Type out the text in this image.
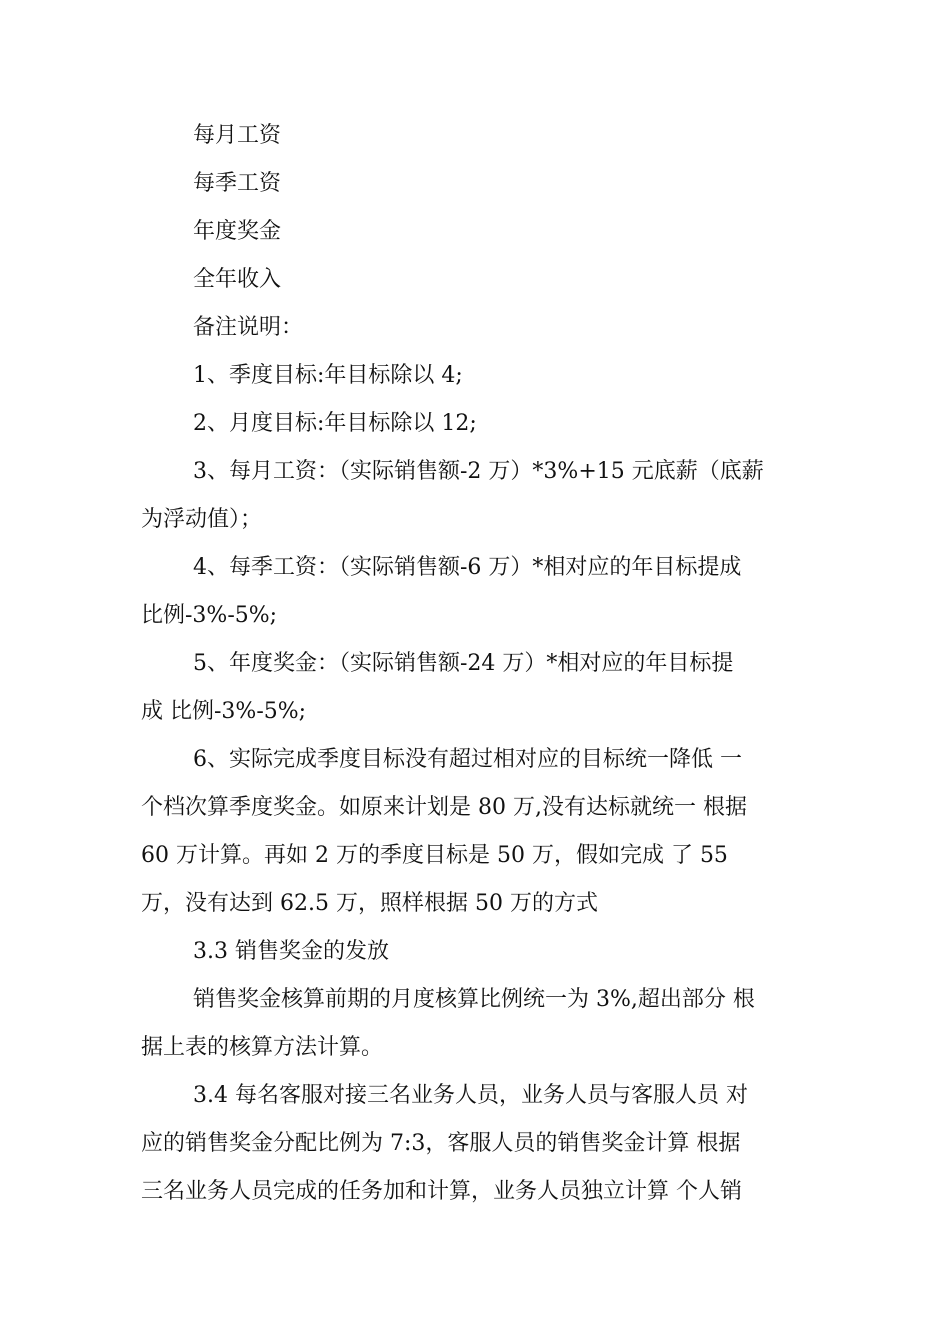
每月工资
每季工资
年度奖金
全年收入
备注说明：
1、季度目标:年目标除以 4;
2、月度目标:年目标除以 12;
3、每月工资：（实际销售额-2 万）*3%+15 元底薪（底薪
为浮动值）；
4、每季工资：（实际销售额-6 万）*相对应的年目标提成
比例-3%-5%;
5、年度奖金：（实际销售额-24 万）*相对应的年目标提
成 比例-3%-5%;
6、实际完成季度目标没有超过相对应的目标统一降低 一
个档次算季度奖金。如原来计划是 80 万,没有达标就统一 根据
60 万计算。再如 2 万的季度目标是 50 万，假如完成 了 55
万，没有达到 62.5 万，照样根据 50 万的方式
3.3 销售奖金的发放
销售奖金核算前期的月度核算比例统一为 3%,超出部分 根
据上表的核算方法计算。
3.4 每名客服对接三名业务人员，业务人员与客服人员 对
应的销售奖金分配比例为 7:3，客服人员的销售奖金计算 根据
三名业务人员完成的任务加和计算，业务人员独立计算 个人销
